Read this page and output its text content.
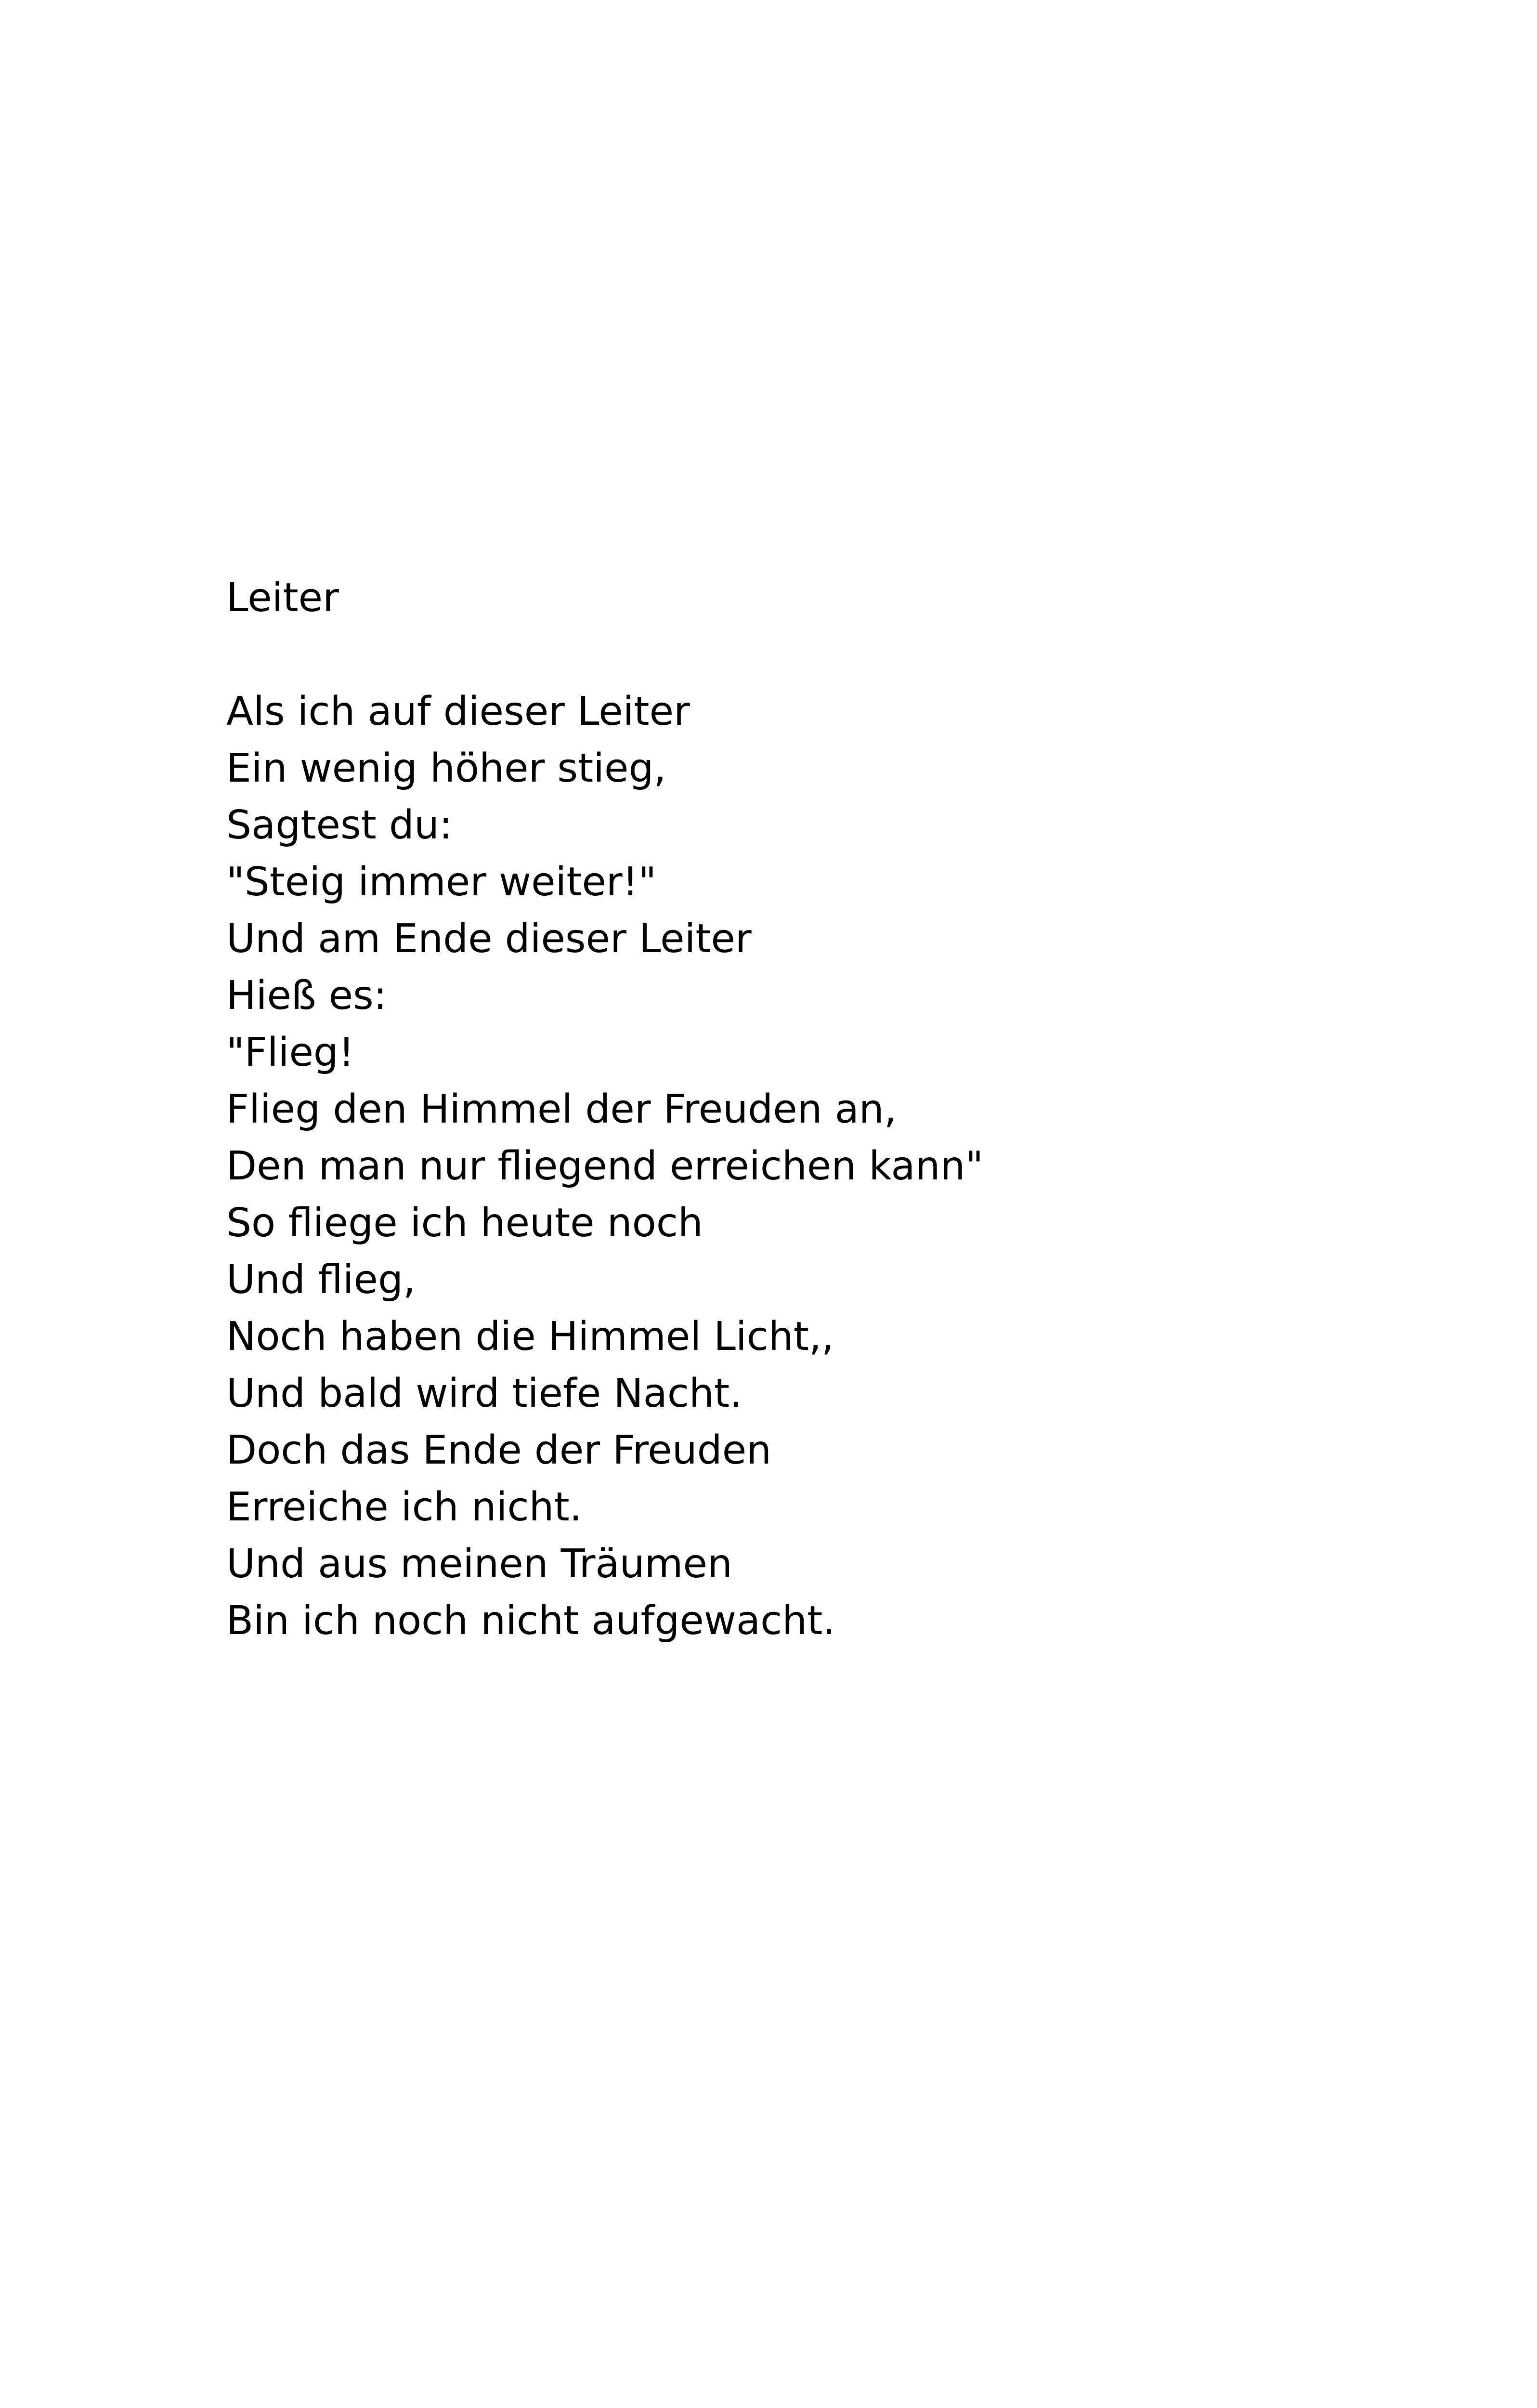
Leiter
Als ich auf dieser Leiter
Ein wenig höher stieg,
Sagtest du:
"Steig immer weiter!"
Und am Ende dieser Leiter
Hieß es:
"Flieg!
Flieg den Himmel der Freuden an,
Den man nur fliegend erreichen kann"
So fliege ich heute noch
Und flieg,
Noch haben die Himmel Licht,,
Und bald wird tiefe Nacht.
Doch das Ende der Freuden
Erreiche ich nicht.
Und aus meinen Träumen
Bin ich noch nicht aufgewacht.
